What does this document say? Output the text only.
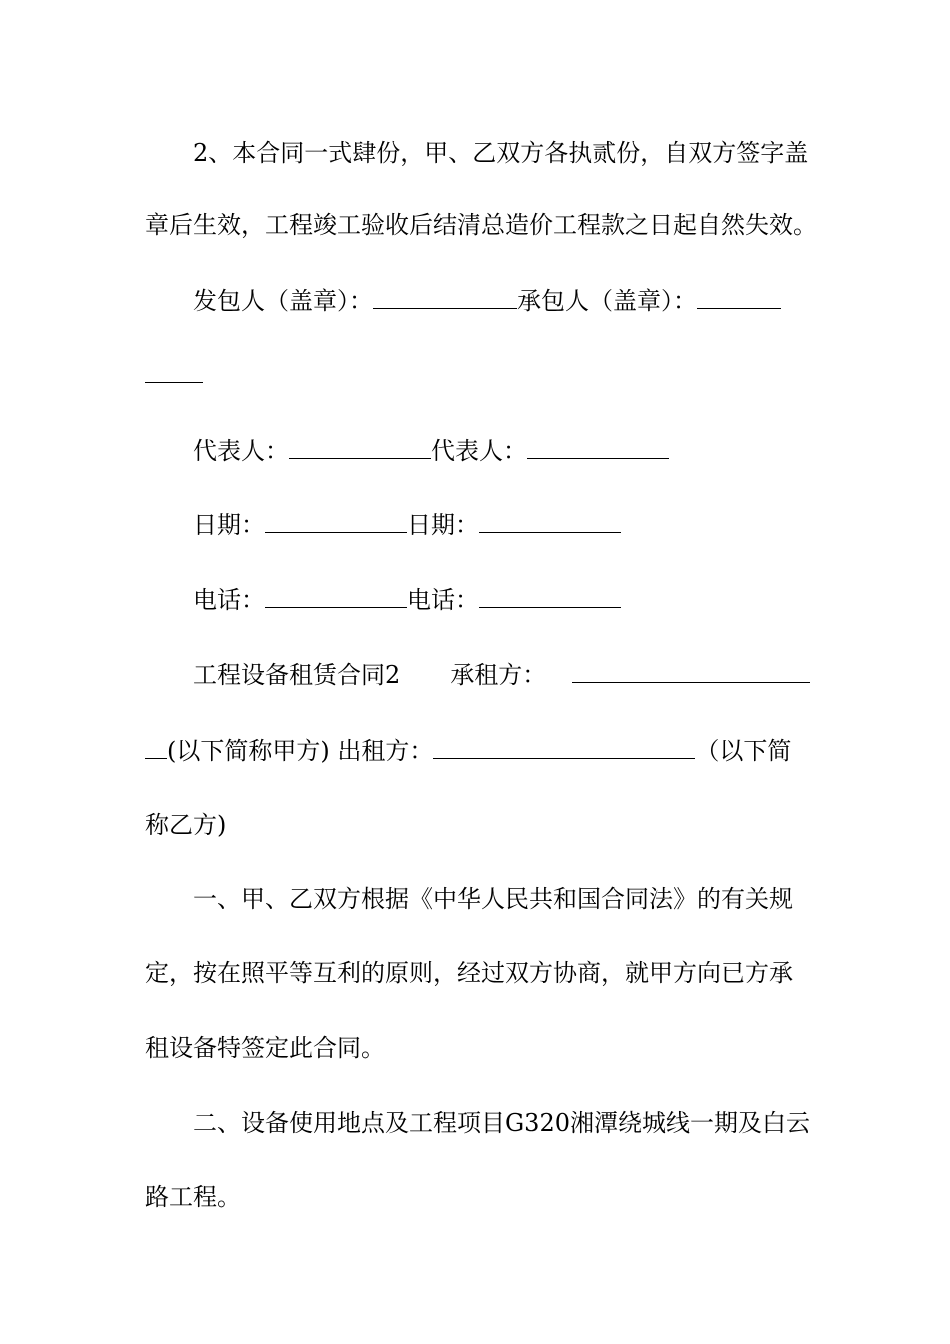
2、本合同一式肆份，甲、乙双方各执贰份，自双方签字盖
章后生效，工程竣工验收后结清总造价工程款之日起自然失效。
发包人（盖章）：	承包人（盖章）：
代表人：	代表人：
日期：	日期：
电话：	电话：
工程设备租赁合同2 承租方：
(以下简称甲方) 出租方：	（以下简
称乙方)
一、甲、乙双方根据《中华人民共和国合同法》的有关规
定，按在照平等互利的原则，经过双方协商，就甲方向已方承
租设备特签定此合同。
二、设备使用地点及工程项目G320湘潭绕城线一期及白云
路工程。
